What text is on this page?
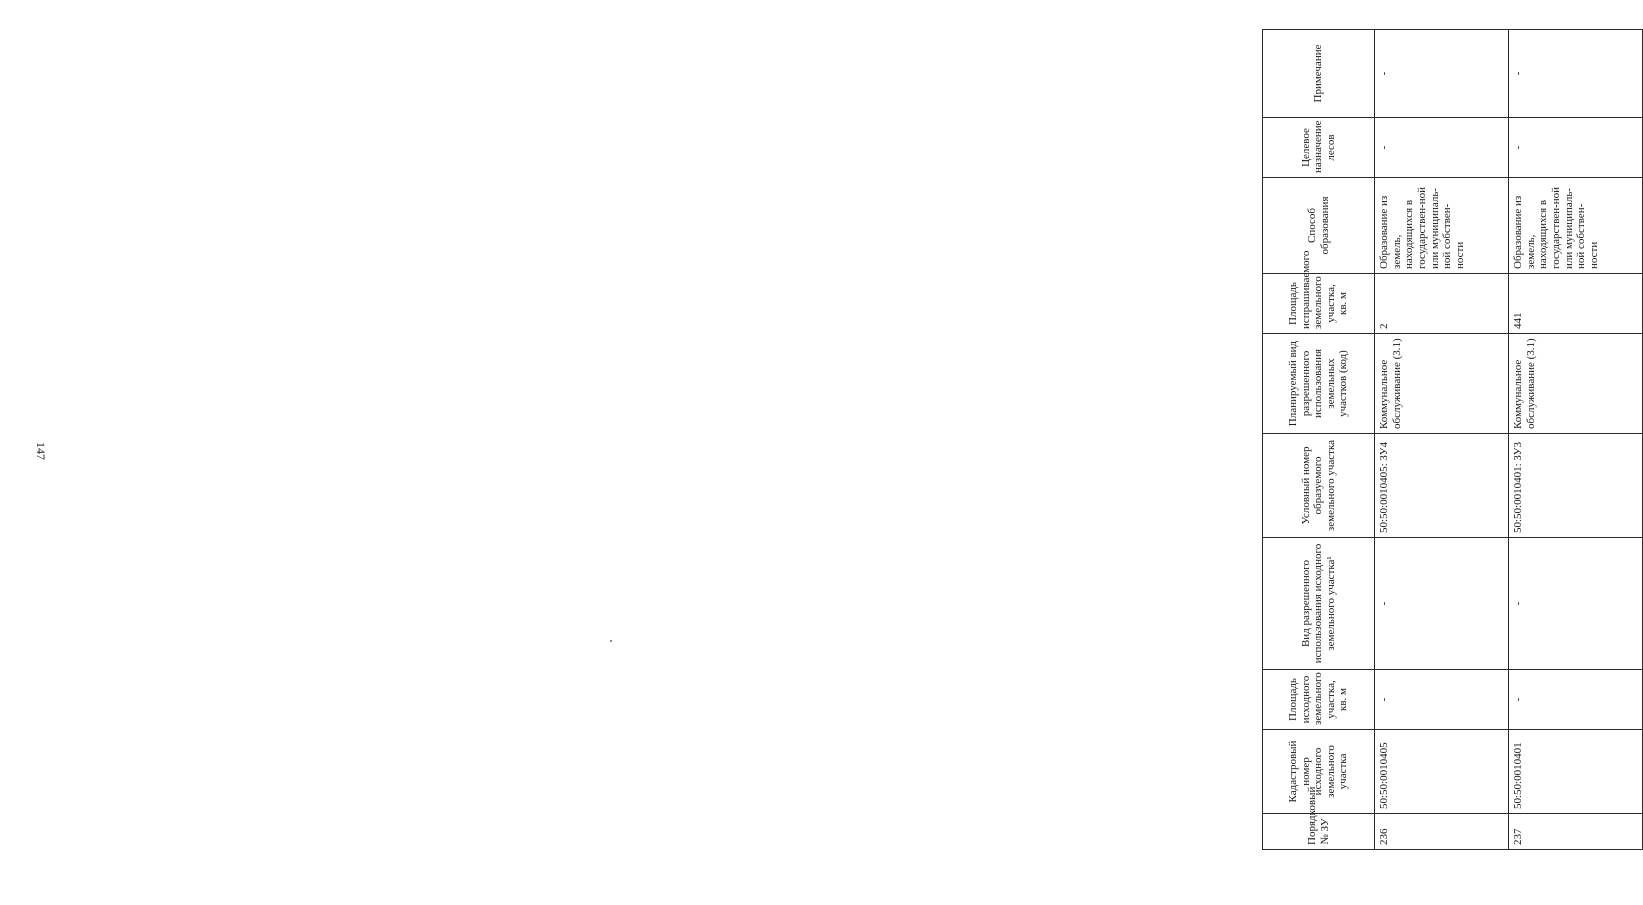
147
Порядковый № ЗУ	Кадастровый номер исходного земельного участка	Площадь исходного земельного участка, кв. м	Вид разрешенного использования исходного земельного участка¹	Условный номер образуемого земельного участка	Планируемый вид разрешенного использования земельных участков (код)	Площадь испрашиваемого земельного участка, кв. м	Способ образования	Целевое назначение лесов	Примечание
236	50:50:0010405	-	-	50:50:0010405: ЗУ4	Коммунальное обслуживание (3.1)	2	Образование из земель, находящихся в государствен-ной или муниципаль-ной собствен-ности	-	-
237	50:50:0010401	-	-	50:50:0010401: ЗУ3	Коммунальное обслуживание (3.1)	441	Образование из земель, находящихся в государствен-ной или муниципаль-ной собствен-ности	-	-
